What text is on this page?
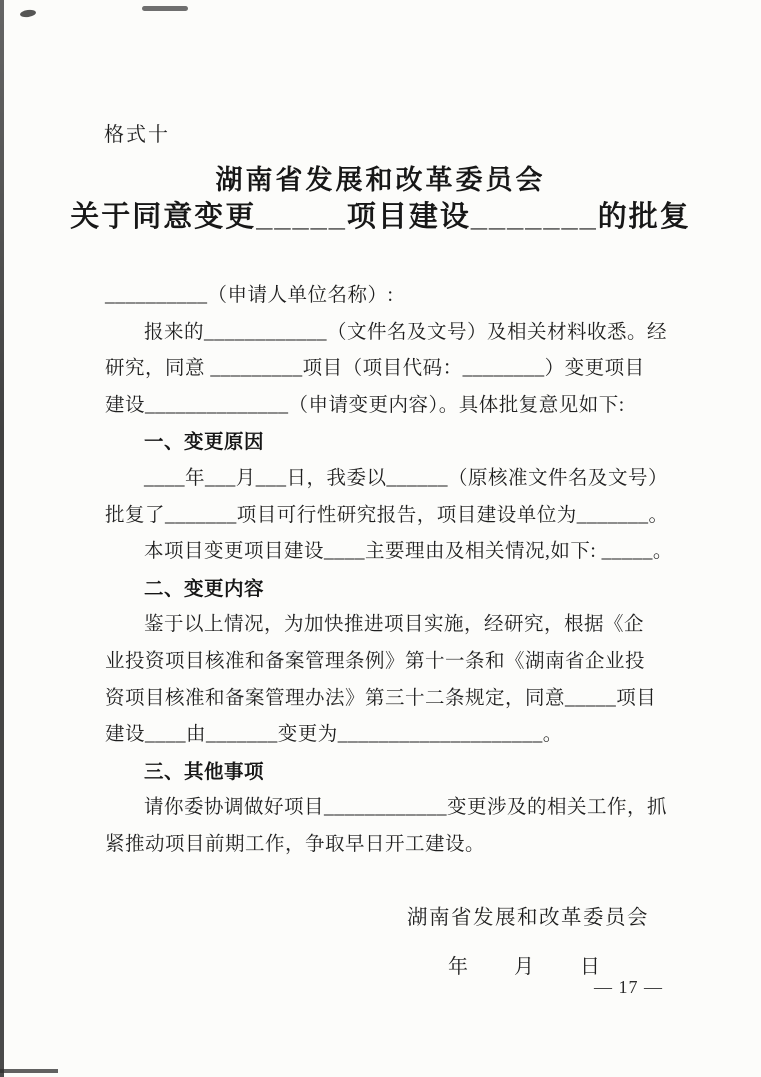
格式十
湖南省发展和改革委员会
关于同意变更_____项目建设_______的批复
__________（申请人单位名称）:
报来的____________（文件名及文号）及相关材料收悉。经
研究，同意 _________项目（项目代码：________）变更项目
建设______________（申请变更内容）。具体批复意见如下:
一、变更原因
____年___月___日，我委以______（原核准文件名及文号）
批复了_______项目可行性研究报告，项目建设单位为_______。
本项目变更项目建设____主要理由及相关情况,如下: _____。
二、变更内容
鉴于以上情况，为加快推进项目实施，经研究，根据《企
业投资项目核准和备案管理条例》第十一条和《湖南省企业投
资项目核准和备案管理办法》第三十二条规定，同意_____项目
建设____由_______变更为____________________。
三、其他事项
请你委协调做好项目____________变更涉及的相关工作，抓
紧推动项目前期工作，争取早日开工建设。
湖南省发展和改革委员会
年　　月　　日
— 17 —
